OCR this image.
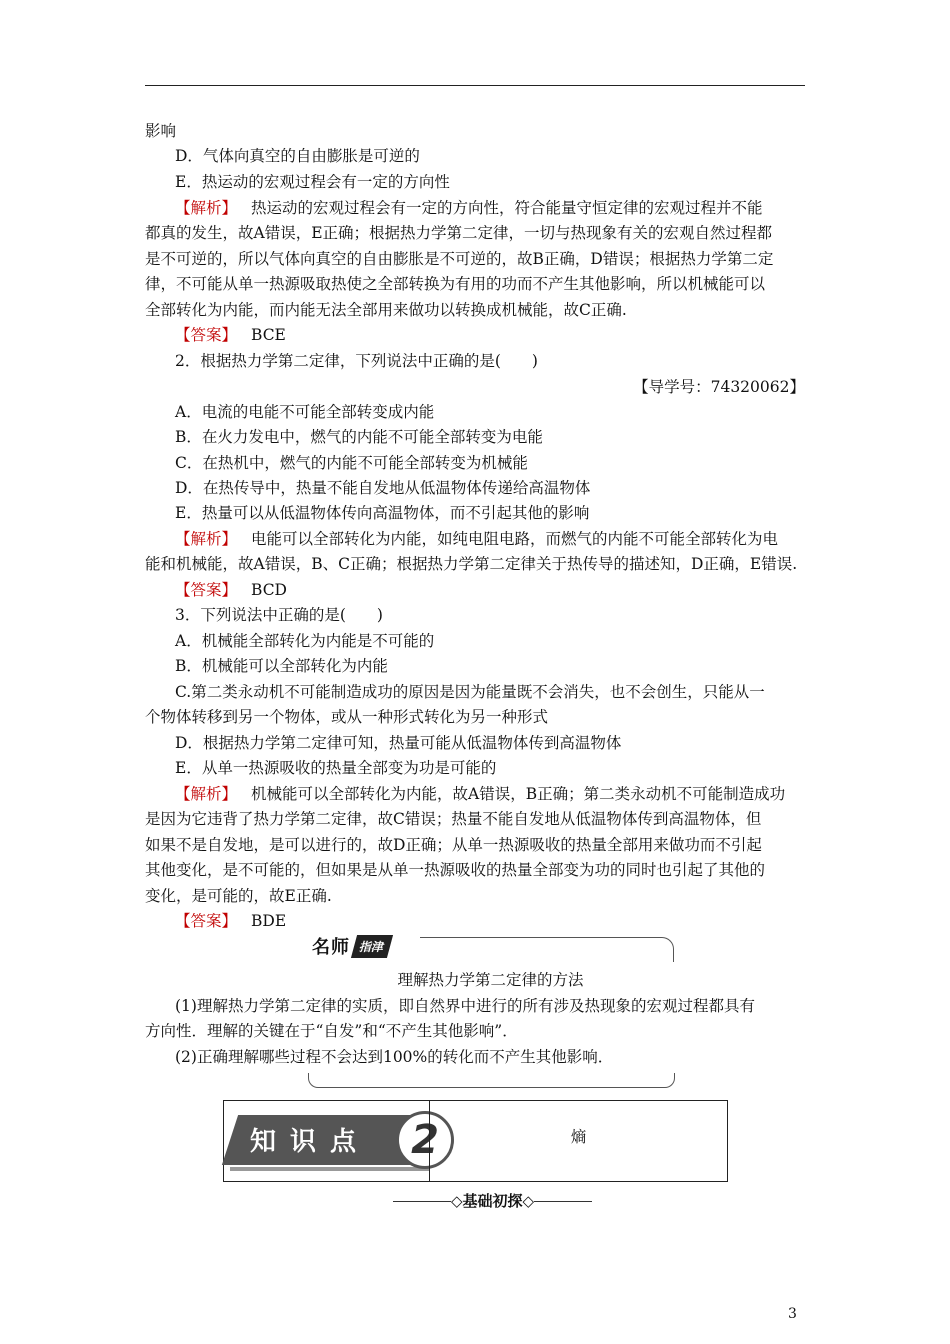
影响
D．气体向真空的自由膨胀是可逆的
E．热运动的宏观过程会有一定的方向性
【解析】 热运动的宏观过程会有一定的方向性，符合能量守恒定律的宏观过程并不能
都真的发生，故A错误，E正确；根据热力学第二定律，一切与热现象有关的宏观自然过程都
是不可逆的，所以气体向真空的自由膨胀是不可逆的，故B正确，D错误；根据热力学第二定
律，不可能从单一热源吸取热使之全部转换为有用的功而不产生其他影响，所以机械能可以
全部转化为内能，而内能无法全部用来做功以转换成机械能，故C正确.
【答案】 BCE
2．根据热力学第二定律，下列说法中正确的是(　　)
【导学号：74320062】
A．电流的电能不可能全部转变成内能
B．在火力发电中，燃气的内能不可能全部转变为电能
C．在热机中，燃气的内能不可能全部转变为机械能
D．在热传导中，热量不能自发地从低温物体传递给高温物体
E．热量可以从低温物体传向高温物体，而不引起其他的影响
【解析】 电能可以全部转化为内能，如纯电阻电路，而燃气的内能不可能全部转化为电
能和机械能，故A错误，B、C正确；根据热力学第二定律关于热传导的描述知，D正确，E错误.
【答案】 BCD
3．下列说法中正确的是(　　)
A．机械能全部转化为内能是不可能的
B．机械能可以全部转化为内能
C.第二类永动机不可能制造成功的原因是因为能量既不会消失，也不会创生，只能从一
个物体转移到另一个物体，或从一种形式转化为另一种形式
D．根据热力学第二定律可知，热量可能从低温物体传到高温物体
E．从单一热源吸收的热量全部变为功是可能的
【解析】 机械能可以全部转化为内能，故A错误，B正确；第二类永动机不可能制造成功
是因为它违背了热力学第二定律，故C错误；热量不能自发地从低温物体传到高温物体，但
如果不是自发地，是可以进行的，故D正确；从单一热源吸收的热量全部用来做功而不引起
其他变化，是不可能的，但如果是从单一热源吸收的热量全部变为功的同时也引起了其他的
变化，是可能的，故E正确.
【答案】 BDE
名师 指津
理解热力学第二定律的方法
(1)理解热力学第二定律的实质，即自然界中进行的所有涉及热现象的宏观过程都具有
方向性．理解的关键在于“自发”和“不产生其他影响”．
(2)正确理解哪些过程不会达到100%的转化而不产生其他影响．
知识点	2	熵
◇基础初探◇
3
